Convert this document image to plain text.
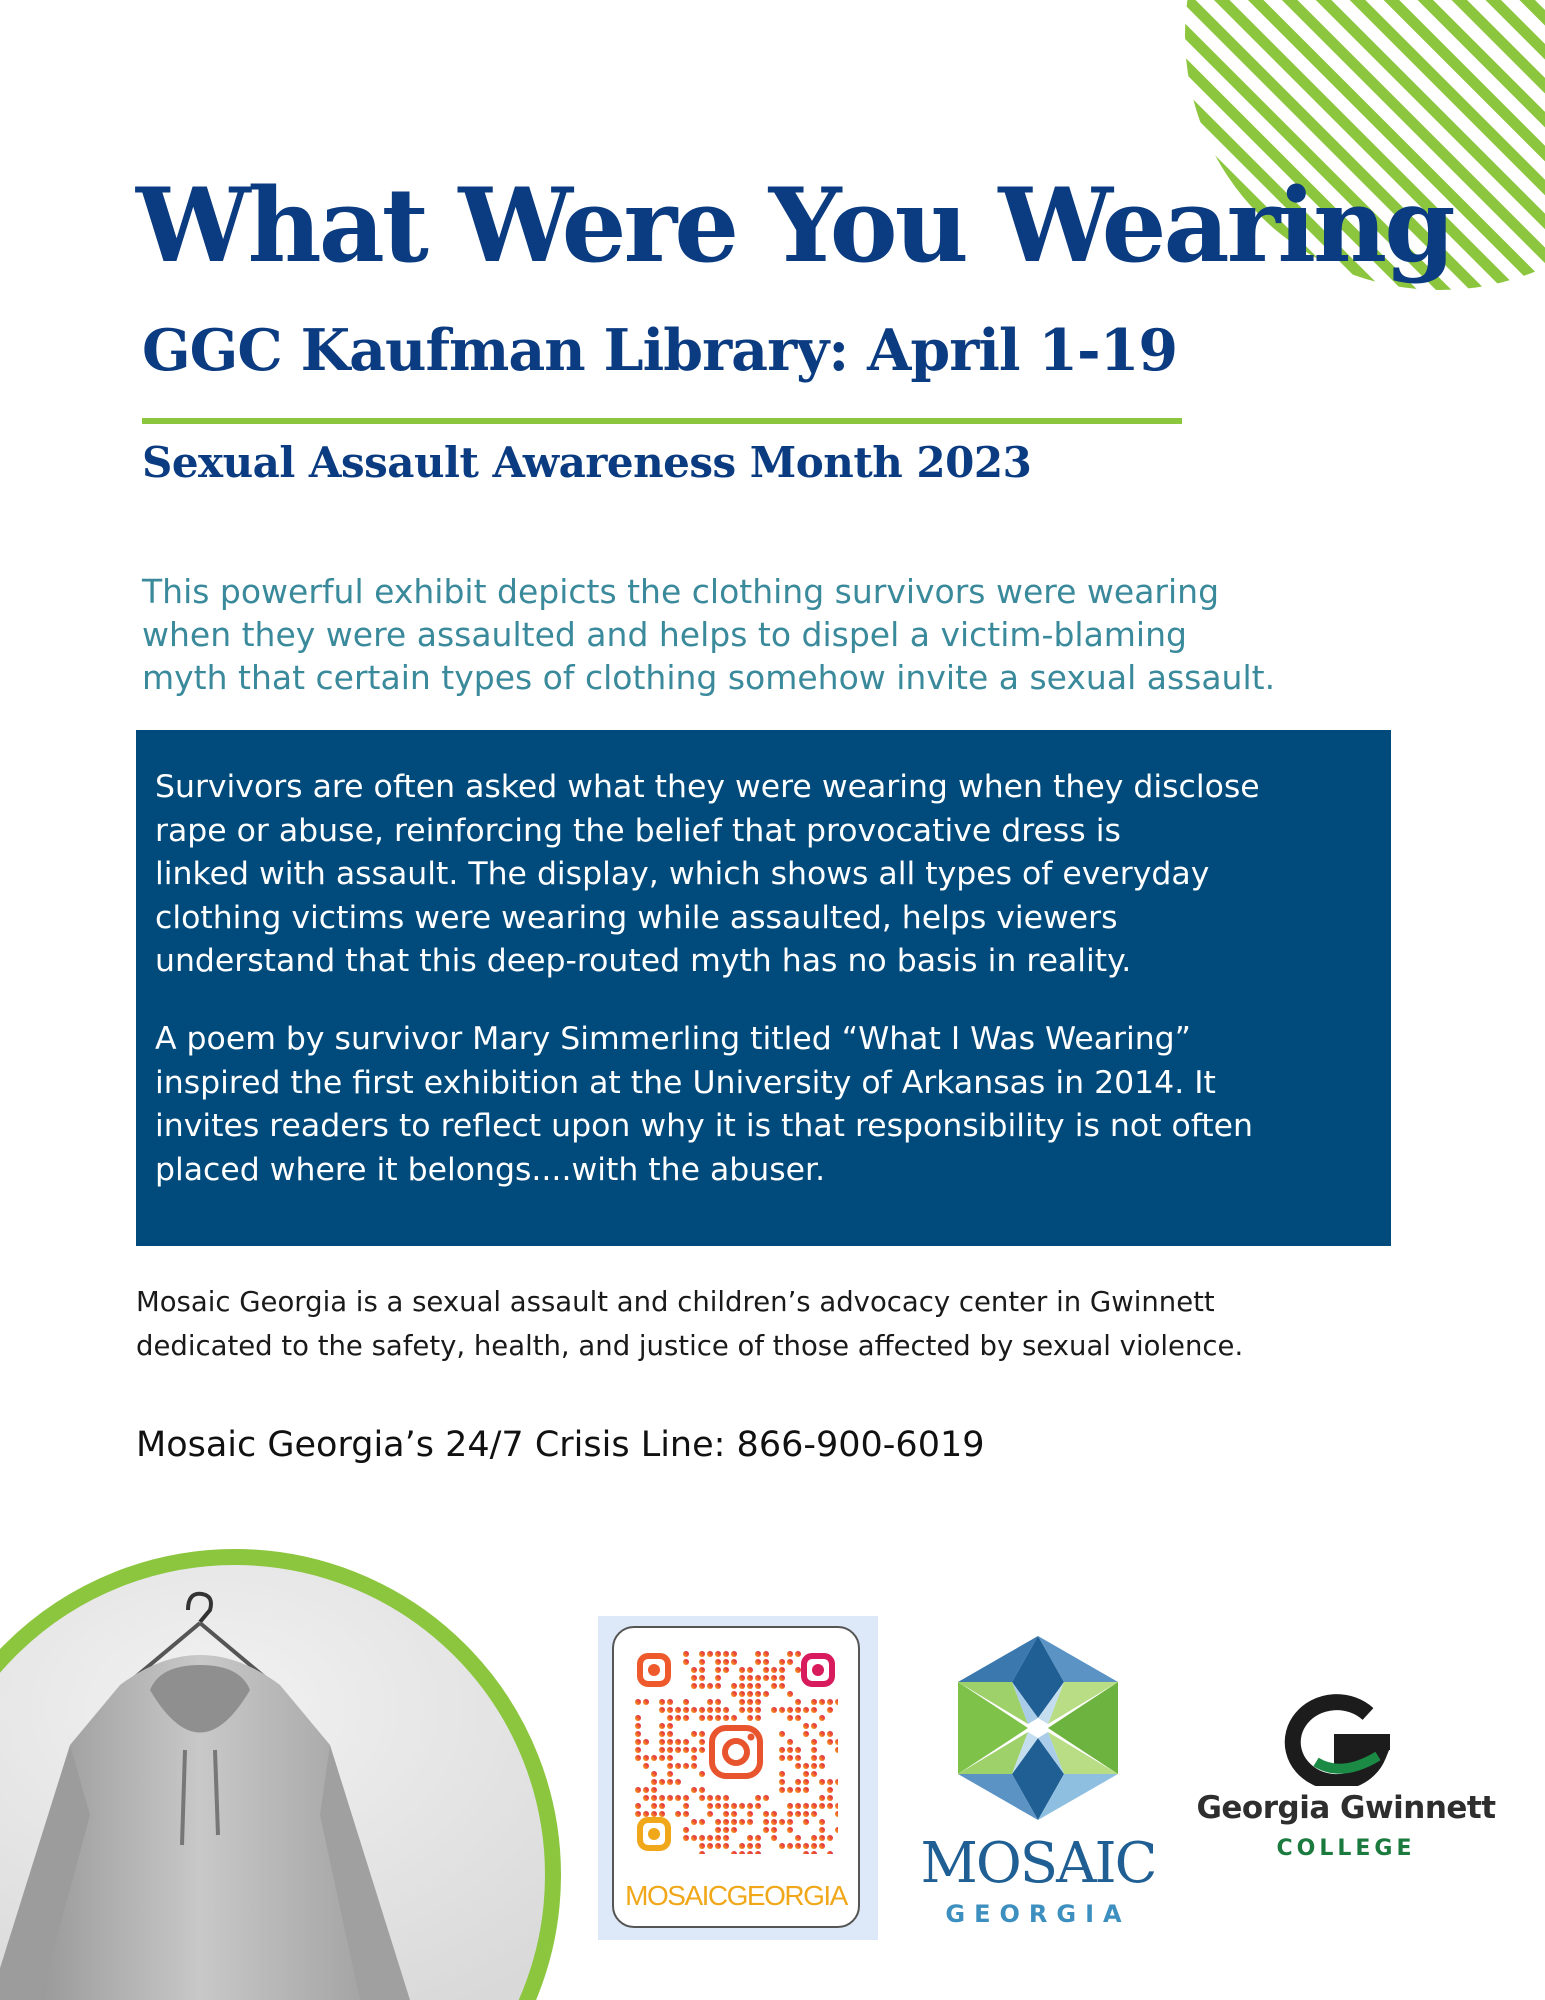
What Were You Wearing
GGC Kaufman Library: April 1-19
Sexual Assault Awareness Month 2023

This powerful exhibit depicts the clothing survivors were wearing
when they were assaulted and helps to dispel a victim-blaming
myth that certain types of clothing somehow invite a sexual assault.

Survivors are often asked what they were wearing when they disclose
rape or abuse, reinforcing the belief that provocative dress is
linked with assault. The display, which shows all types of everyday
clothing victims were wearing while assaulted, helps viewers
understand that this deep-routed myth has no basis in reality.

A poem by survivor Mary Simmerling titled “What I Was Wearing”
inspired the first exhibition at the University of Arkansas in 2014. It
invites readers to reflect upon why it is that responsibility is not often
placed where it belongs....with the abuser.

Mosaic Georgia is a sexual assault and children’s advocacy center in Gwinnett
dedicated to the safety, health, and justice of those affected by sexual violence.

Mosaic Georgia’s 24/7 Crisis Line: 866-900-6019

MOSAICGEORGIA MOSAIC
GEORGIA
Georgia Gwinnett
COLLEGE
